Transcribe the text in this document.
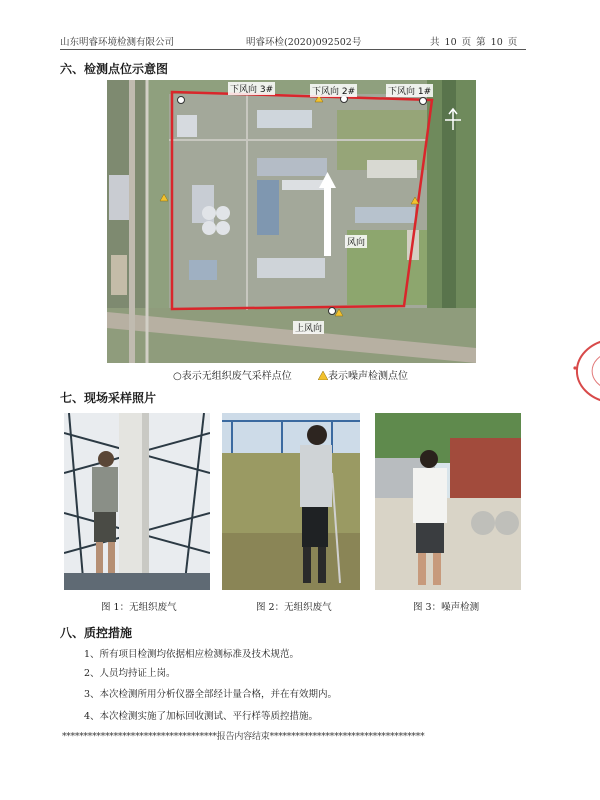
山东明睿环境检测有限公司	明睿环检(2020)092502号	共 10 页 第 10 页
六、检测点位示意图
下风向 3#	下风向 2#	下风向 1#
风向
上风向
○表示无组织废气采样点位	表示噪声检测点位
七、现场采样照片
图 1：无组织废气	图 2：无组织废气	图 3：噪声检测
八、质控措施
1、所有项目检测均依据相应检测标准及技术规范。
2、人员均持证上岗。
3、本次检测所用分析仪器全部经计量合格，并在有效期内。
4、本次检测实施了加标回收测试、平行样等质控措施。
************************************报告内容结束************************************
